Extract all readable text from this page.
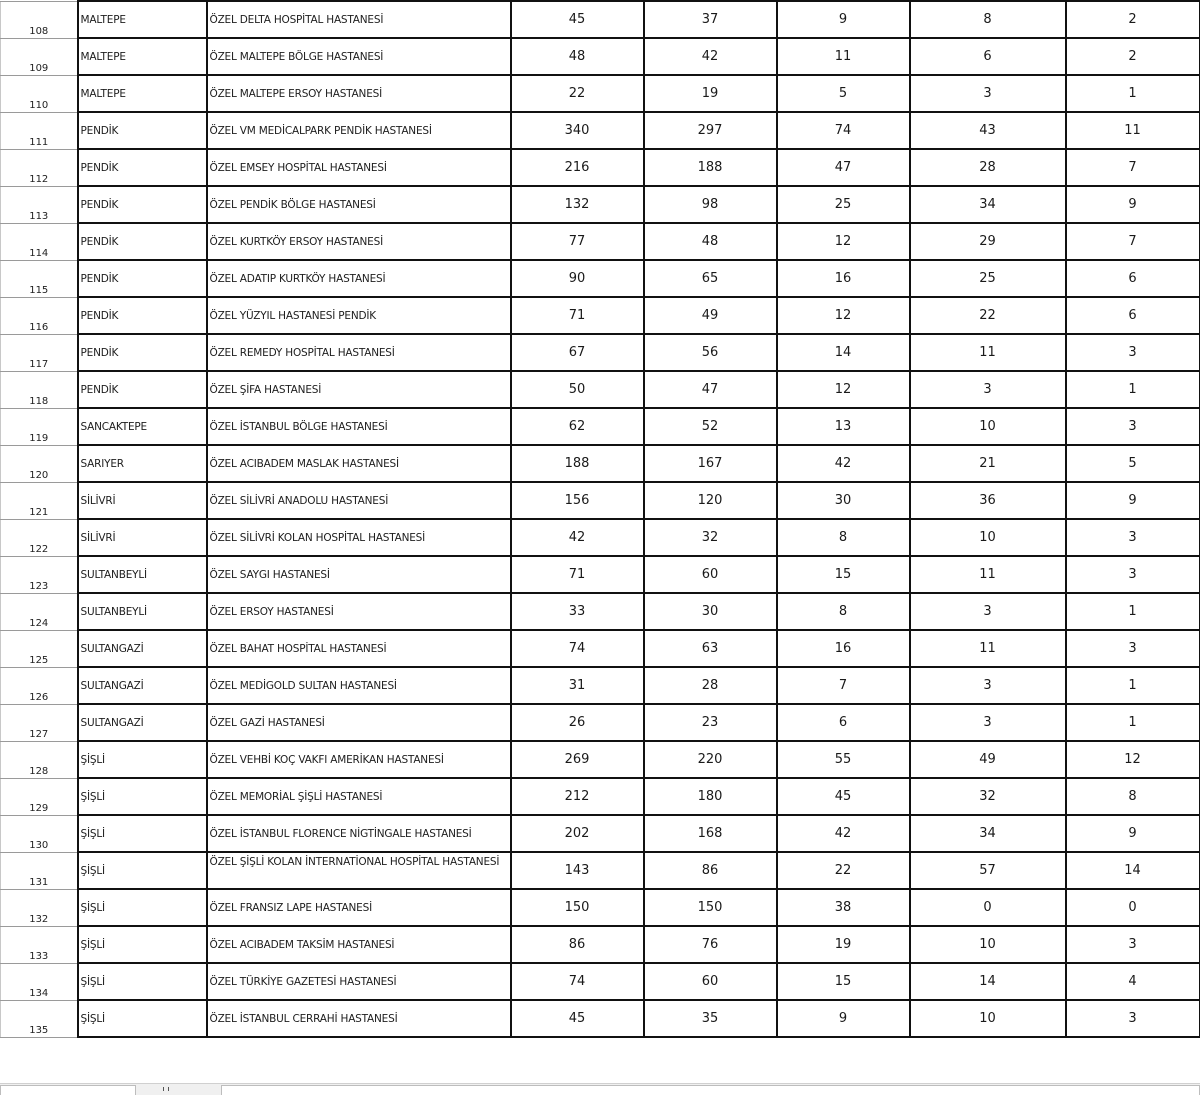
108	MALTEPE	ÖZEL DELTA HOSPİTAL HASTANESİ	45	37	9	8	2
109	MALTEPE	ÖZEL MALTEPE BÖLGE HASTANESİ	48	42	11	6	2
110	MALTEPE	ÖZEL MALTEPE ERSOY HASTANESİ	22	19	5	3	1
111	PENDİK	ÖZEL VM MEDİCALPARK PENDİK HASTANESİ	340	297	74	43	11
112	PENDİK	ÖZEL EMSEY HOSPİTAL HASTANESİ	216	188	47	28	7
113	PENDİK	ÖZEL PENDİK BÖLGE HASTANESİ	132	98	25	34	9
114	PENDİK	ÖZEL KURTKÖY ERSOY HASTANESİ	77	48	12	29	7
115	PENDİK	ÖZEL ADATIP KURTKÖY HASTANESİ	90	65	16	25	6
116	PENDİK	ÖZEL YÜZYIL HASTANESİ PENDİK	71	49	12	22	6
117	PENDİK	ÖZEL REMEDY HOSPİTAL HASTANESİ	67	56	14	11	3
118	PENDİK	ÖZEL ŞİFA HASTANESİ	50	47	12	3	1
119	SANCAKTEPE	ÖZEL İSTANBUL BÖLGE HASTANESİ	62	52	13	10	3
120	SARIYER	ÖZEL ACIBADEM MASLAK HASTANESİ	188	167	42	21	5
121	SİLİVRİ	ÖZEL SİLİVRİ ANADOLU HASTANESİ	156	120	30	36	9
122	SİLİVRİ	ÖZEL SİLİVRİ KOLAN HOSPİTAL HASTANESİ	42	32	8	10	3
123	SULTANBEYLİ	ÖZEL SAYGI HASTANESİ	71	60	15	11	3
124	SULTANBEYLİ	ÖZEL ERSOY HASTANESİ	33	30	8	3	1
125	SULTANGAZİ	ÖZEL BAHAT HOSPİTAL HASTANESİ	74	63	16	11	3
126	SULTANGAZİ	ÖZEL MEDİGOLD SULTAN HASTANESİ	31	28	7	3	1
127	SULTANGAZİ	ÖZEL GAZİ HASTANESİ	26	23	6	3	1
128	ŞİŞLİ	ÖZEL VEHBİ KOÇ VAKFI AMERİKAN HASTANESİ	269	220	55	49	12
129	ŞİŞLİ	ÖZEL MEMORİAL ŞİŞLİ HASTANESİ	212	180	45	32	8
130	ŞİŞLİ	ÖZEL İSTANBUL FLORENCE NİGTİNGALE HASTANESİ	202	168	42	34	9
131	ŞİŞLİ	ÖZEL ŞİŞLİ KOLAN İNTERNATİONAL HOSPİTAL HASTANESİ	143	86	22	57	14
132	ŞİŞLİ	ÖZEL FRANSIZ LAPE HASTANESİ	150	150	38	0	0
133	ŞİŞLİ	ÖZEL ACIBADEM TAKSİM HASTANESİ	86	76	19	10	3
134	ŞİŞLİ	ÖZEL TÜRKİYE GAZETESİ HASTANESİ	74	60	15	14	4
135	ŞİŞLİ	ÖZEL İSTANBUL CERRAHİ HASTANESİ	45	35	9	10	3
